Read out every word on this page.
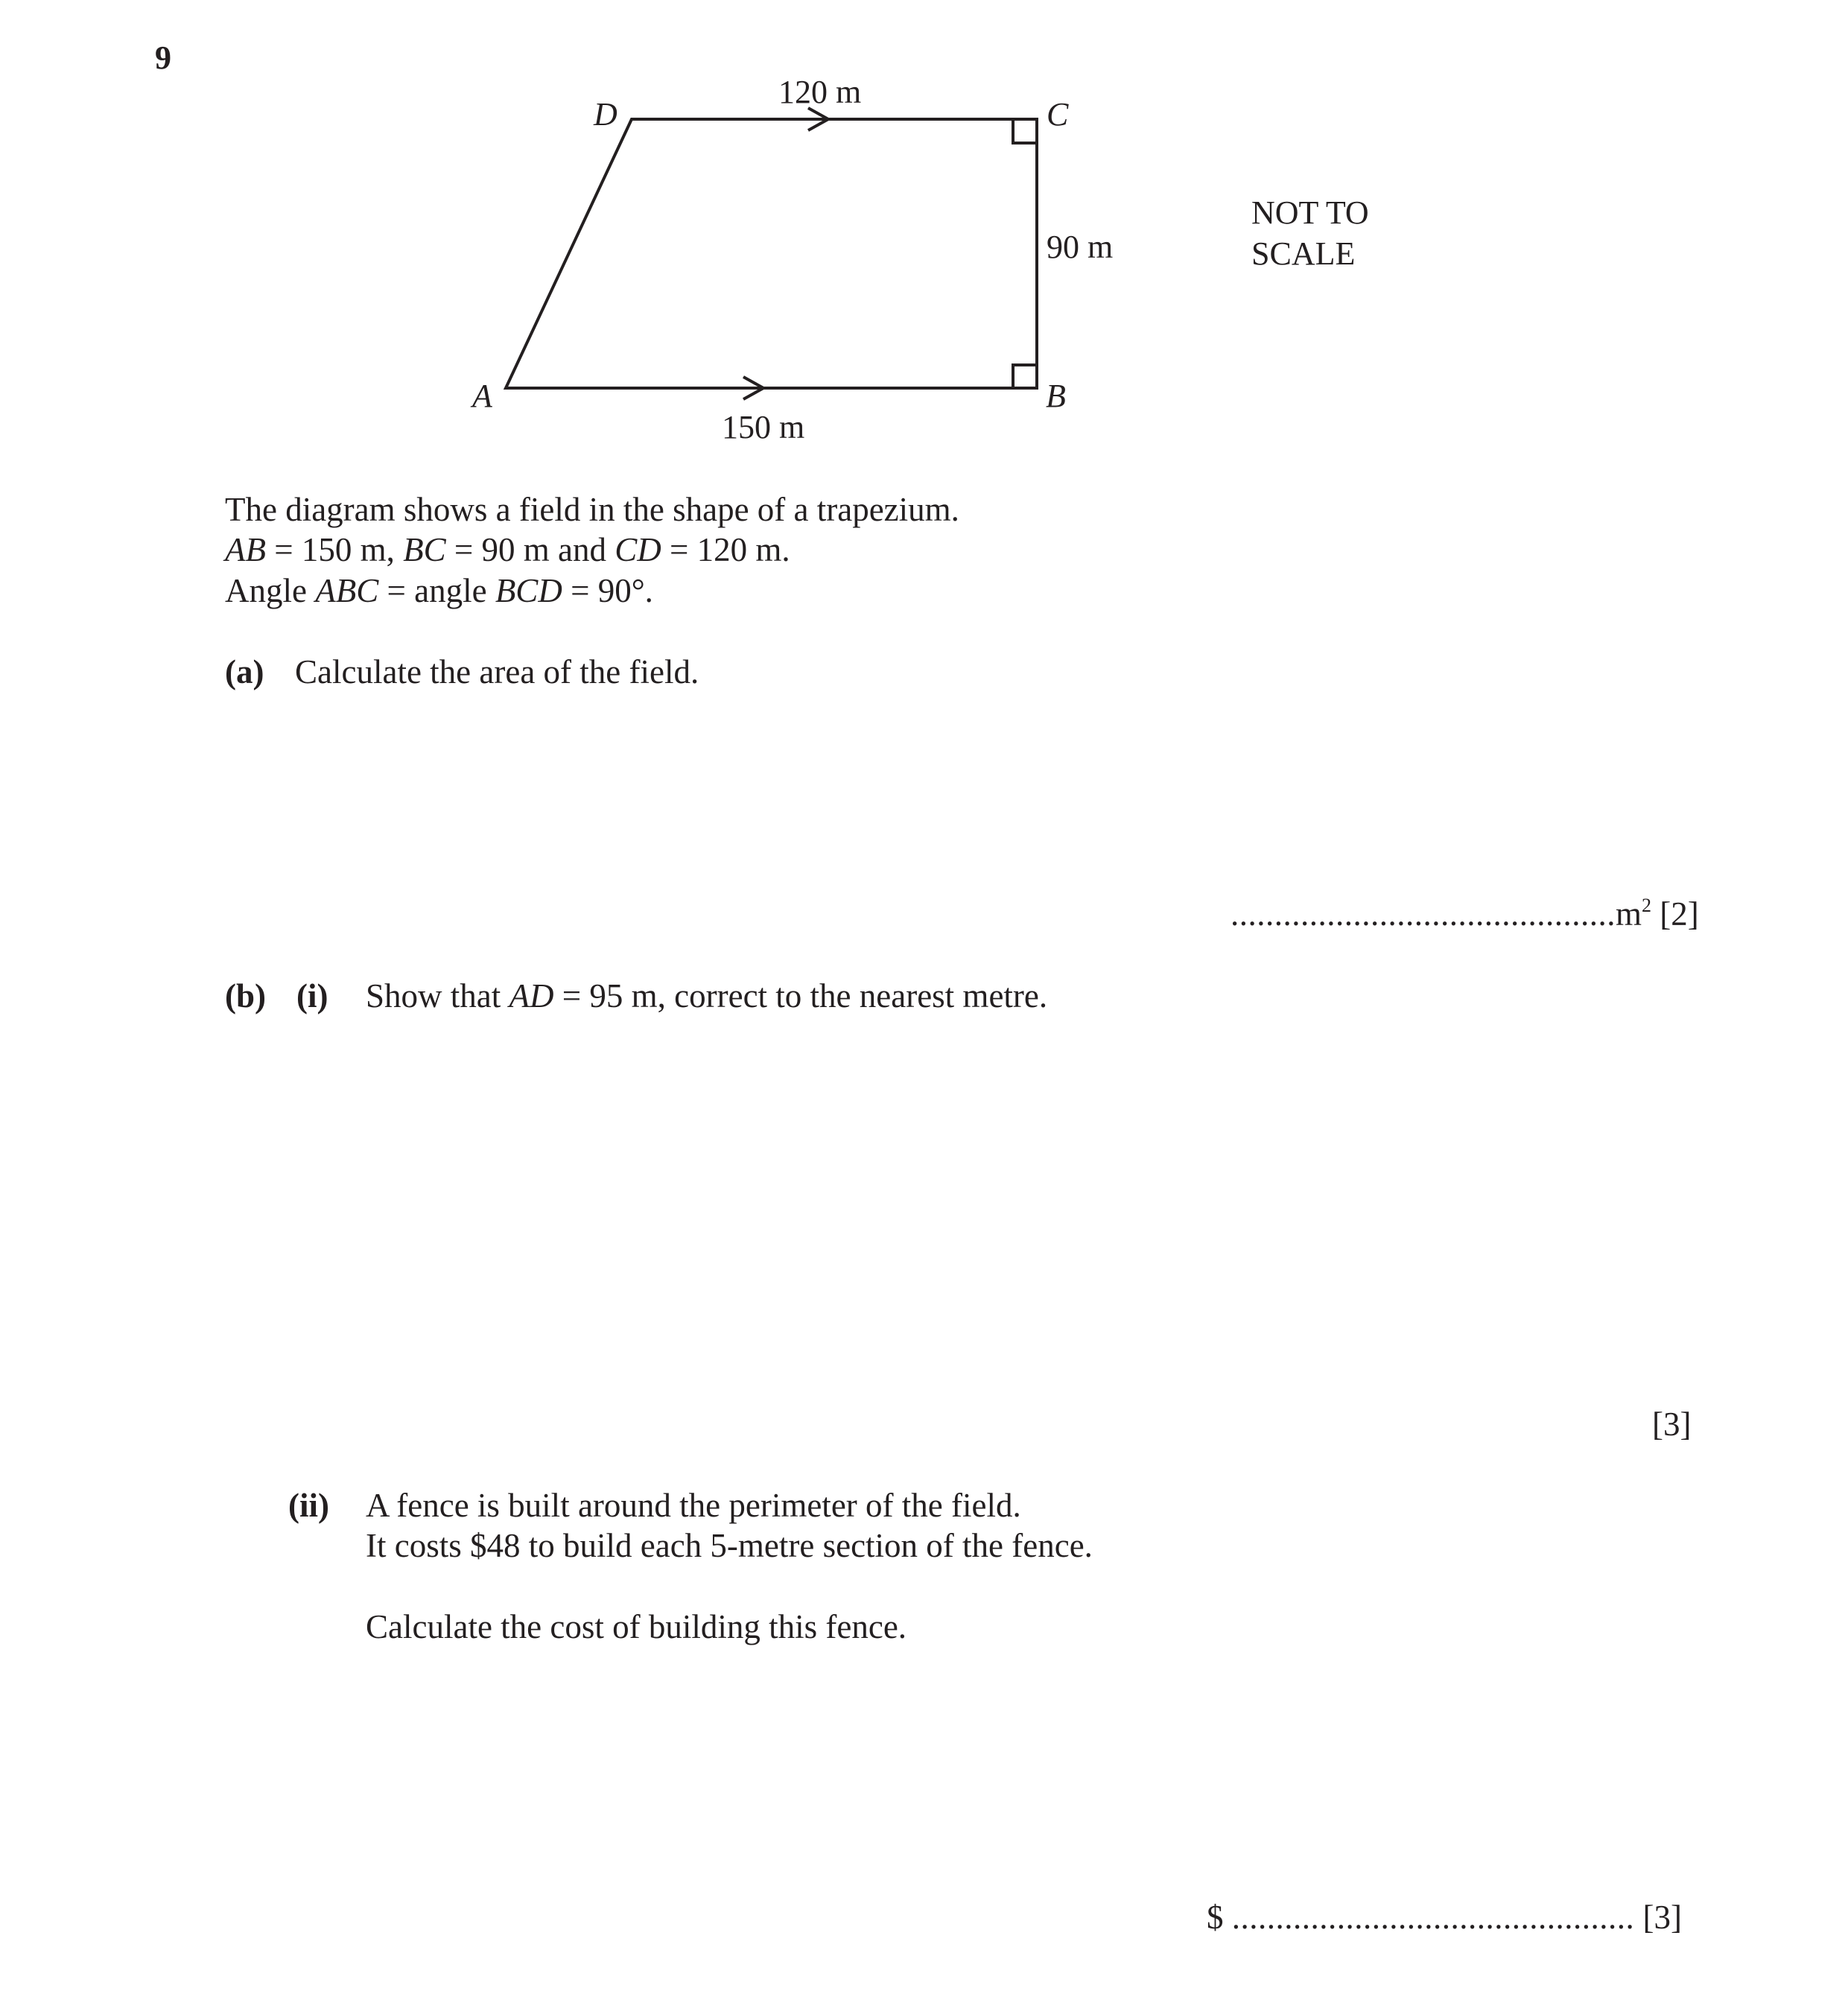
9
D	C
A	B
120 m
90 m
150 m
NOT TO
SCALE
The diagram shows a field in the shape of a trapezium.
AB = 150 m, BC = 90 m and CD = 120 m.
Angle ABC = angle BCD = 90°.
(a) Calculate the area of the field.
$............................................m^2$ [2]
(b) (i) Show that AD = 95 m, correct to the nearest metre.
[3]
(ii) A fence is built around the perimeter of the field.
It costs $48 to build each 5-metre section of the fence.
Calculate the cost of building this fence.
$ .............................................. [3]
